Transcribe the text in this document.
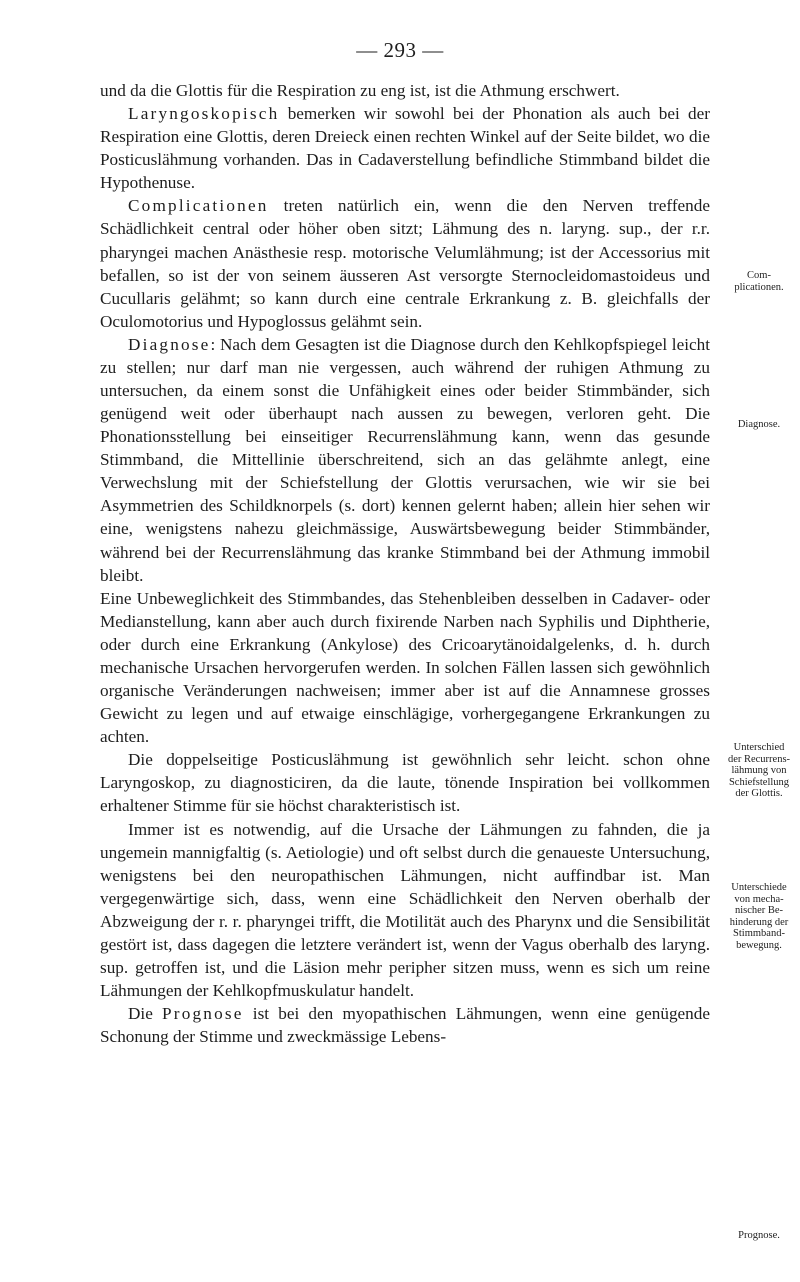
— 293 —

und da die Glottis für die Respiration zu eng ist, ist die Athmung erschwert.

Laryngoskopisch bemerken wir sowohl bei der Phonation als auch bei der Respiration eine Glottis, deren Dreieck einen rechten Winkel auf der Seite bildet, wo die Posticuslähmung vorhanden. Das in Cadaverstellung befindliche Stimmband bildet die Hypothenuse.

Complicationen treten natürlich ein, wenn die den Nerven treffende Schädlichkeit central oder höher oben sitzt; Lähmung des n. laryng. sup., der r.r. pharyngei machen Anästhesie resp. motorische Velumlähmung; ist der Accessorius mit befallen, so ist der von seinem äusseren Ast versorgte Sternocleidomastoideus und Cucullaris gelähmt; so kann durch eine centrale Erkrankung z. B. gleichfalls der Oculomotorius und Hypoglossus gelähmt sein.

Diagnose: Nach dem Gesagten ist die Diagnose durch den Kehlkopfspiegel leicht zu stellen; nur darf man nie vergessen, auch während der ruhigen Athmung zu untersuchen, da einem sonst die Unfähigkeit eines oder beider Stimmbänder, sich genügend weit oder überhaupt nach aussen zu bewegen, verloren geht. Die Phonationsstellung bei einseitiger Recurrenslähmung kann, wenn das gesunde Stimmband, die Mittellinie überschreitend, sich an das gelähmte anlegt, eine Verwechslung mit der Schiefstellung der Glottis verursachen, wie wir sie bei Asymmetrien des Schildknorpels (s. dort) kennen gelernt haben; allein hier sehen wir eine, wenigstens nahezu gleichmässige, Auswärtsbewegung beider Stimmbänder, während bei der Recurrenslähmung das kranke Stimmband bei der Athmung immobil bleibt.

Eine Unbeweglichkeit des Stimmbandes, das Stehenbleiben desselben in Cadaver- oder Medianstellung, kann aber auch durch fixirende Narben nach Syphilis und Diphtherie, oder durch eine Erkrankung (Ankylose) des Cricoarytänoidalgelenks, d. h. durch mechanische Ursachen hervorgerufen werden. In solchen Fällen lassen sich gewöhnlich organische Veränderungen nachweisen; immer aber ist auf die Annamnese grosses Gewicht zu legen und auf etwaige einschlägige, vorhergegangene Erkrankungen zu achten.

Die doppelseitige Posticuslähmung ist gewöhnlich sehr leicht. schon ohne Laryngoskop, zu diagnosticiren, da die laute, tönende Inspiration bei vollkommen erhaltener Stimme für sie höchst charakteristisch ist.

Immer ist es notwendig, auf die Ursache der Lähmungen zu fahnden, die ja ungemein mannigfaltig (s. Aetiologie) und oft selbst durch die genaueste Untersuchung, wenigstens bei den neuropathischen Lähmungen, nicht auffindbar ist. Man vergegenwärtige sich, dass, wenn eine Schädlichkeit den Nerven oberhalb der Abzweigung der r. r. pharyngei trifft, die Motilität auch des Pharynx und die Sensibilität gestört ist, dass dagegen die letztere verändert ist, wenn der Vagus oberhalb des laryng. sup. getroffen ist, und die Läsion mehr peripher sitzen muss, wenn es sich um reine Lähmungen der Kehlkopfmuskulatur handelt.

Die Prognose ist bei den myopathischen Lähmungen, wenn eine genügende Schonung der Stimme und zweckmässige Lebens-

Com-
plicationen.
Diagnose.
Unterschied
der Recurrens-
lähmung von
Schiefstellung
der Glottis.
Unterschiede
von mecha-
nischer Be-
hinderung der
Stimmband-
bewegung.
Prognose.
